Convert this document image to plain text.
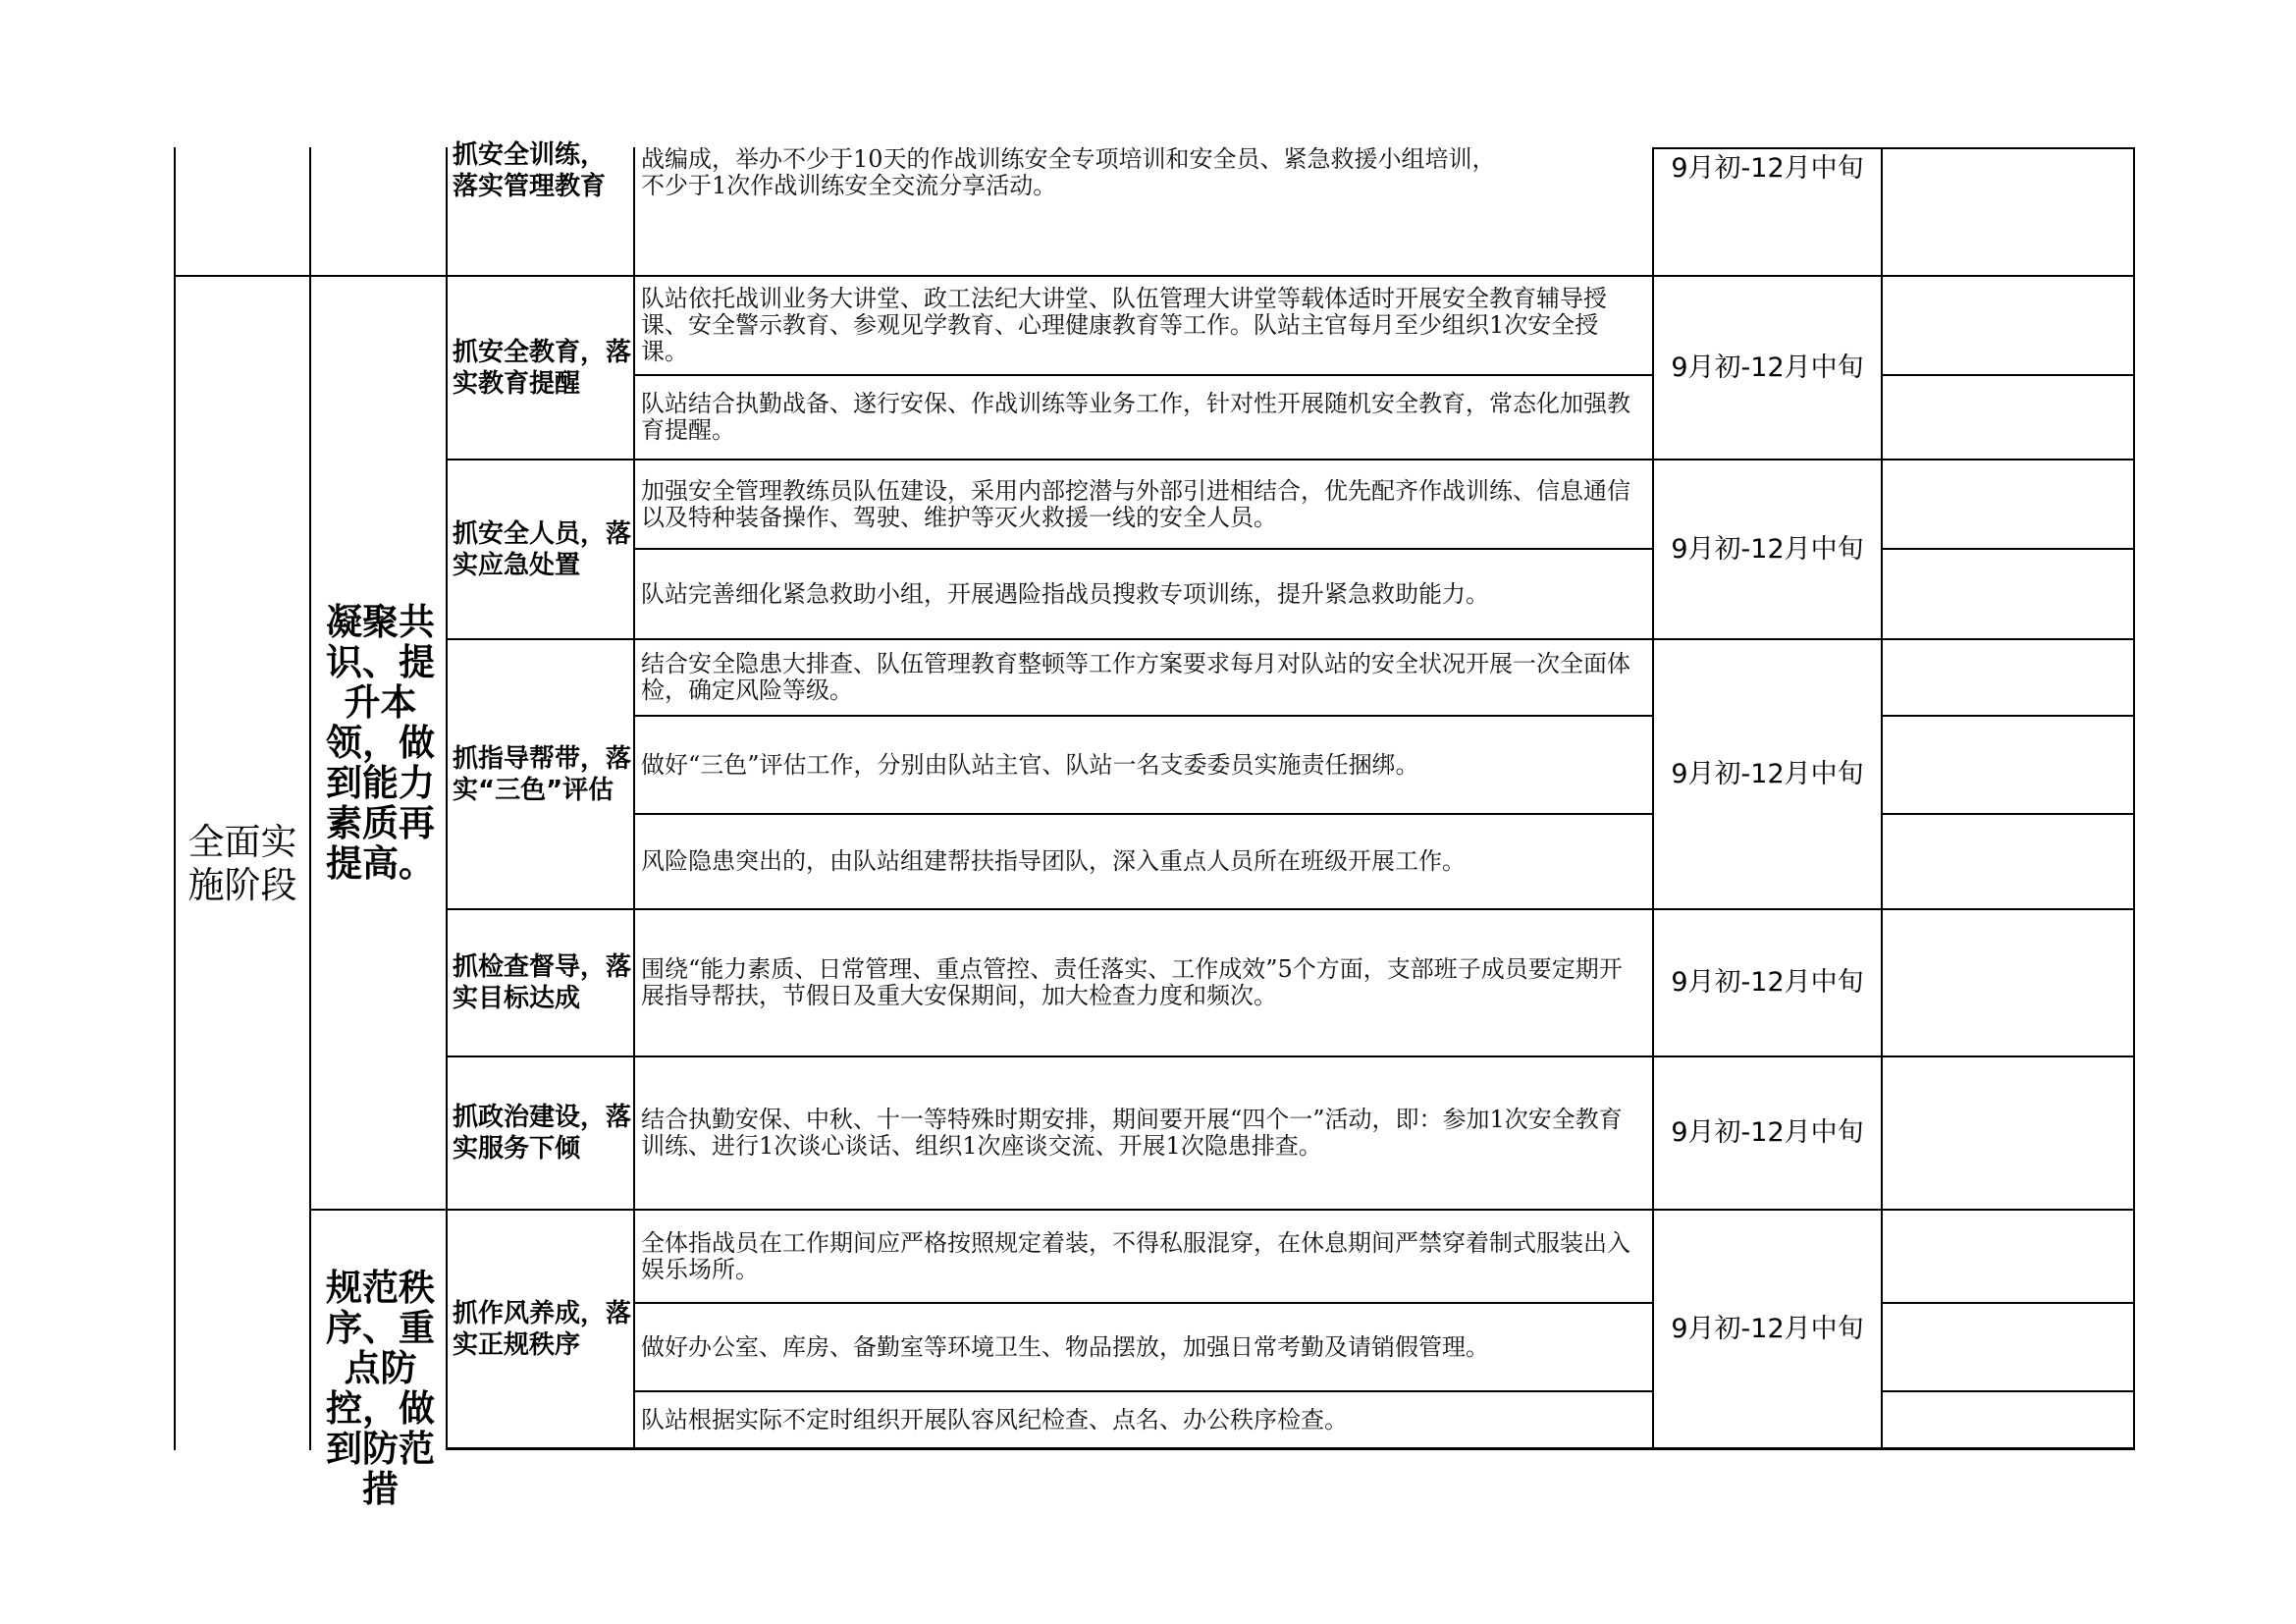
抓安全训练，
落实管理教育
战编成，举办不少于10天的作战训练安全专项培训和安全员、紧急救援小组培训，
不少于1次作战训练安全交流分享活动。
9月初-12月中旬
全面实施阶段
凝聚共识、提升本领，做到能力素质再提高。
规范秩序、重点防控，做到防范措
抓安全教育，落实教育提醒
队站依托战训业务大讲堂、政工法纪大讲堂、队伍管理大讲堂等载体适时开展安全教育辅导授课、安全警示教育、参观见学教育、心理健康教育等工作。队站主官每月至少组织1次安全授课。
队站结合执勤战备、遂行安保、作战训练等业务工作，针对性开展随机安全教育，常态化加强教育提醒。
9月初-12月中旬
抓安全人员，落实应急处置
加强安全管理教练员队伍建设，采用内部挖潜与外部引进相结合，优先配齐作战训练、信息通信以及特种装备操作、驾驶、维护等灭火救援一线的安全人员。
队站完善细化紧急救助小组，开展遇险指战员搜救专项训练，提升紧急救助能力。
9月初-12月中旬
抓指导帮带，落实“三色”评估
结合安全隐患大排查、队伍管理教育整顿等工作方案要求每月对队站的安全状况开展一次全面体检，确定风险等级。
做好“三色”评估工作，分别由队站主官、队站一名支委委员实施责任捆绑。
风险隐患突出的，由队站组建帮扶指导团队，深入重点人员所在班级开展工作。
9月初-12月中旬
抓检查督导，落实目标达成
围绕“能力素质、日常管理、重点管控、责任落实、工作成效”5个方面，支部班子成员要定期开展指导帮扶，节假日及重大安保期间，加大检查力度和频次。	9月初-12月中旬
抓政治建设，落实服务下倾
结合执勤安保、中秋、十一等特殊时期安排，期间要开展“四个一”活动，即：参加1次安全教育训练、进行1次谈心谈话、组织1次座谈交流、开展1次隐患排查。	9月初-12月中旬
抓作风养成，落实正规秩序
全体指战员在工作期间应严格按照规定着装，不得私服混穿，在休息期间严禁穿着制式服装出入娱乐场所。
做好办公室、库房、备勤室等环境卫生、物品摆放，加强日常考勤及请销假管理。
队站根据实际不定时组织开展队容风纪检查、点名、办公秩序检查。
9月初-12月中旬
